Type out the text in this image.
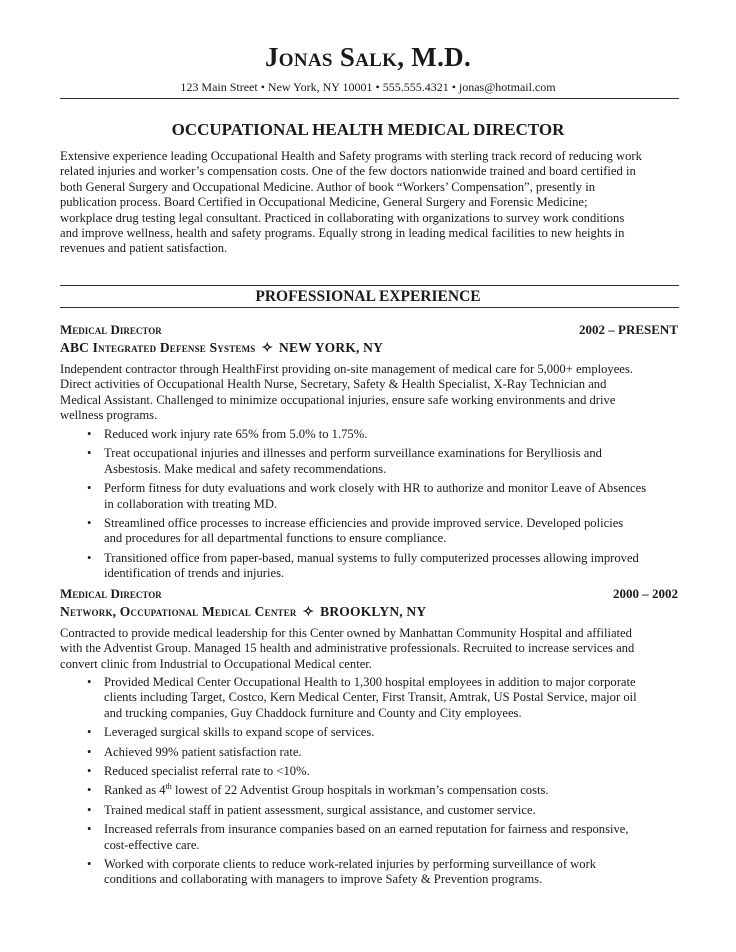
Jonas Salk, M.D.
123 Main Street • New York, NY 10001 • 555.555.4321 • jonas@hotmail.com
OCCUPATIONAL HEALTH MEDICAL DIRECTOR
Extensive experience leading Occupational Health and Safety programs with sterling track record of reducing work
related injuries and worker’s compensation costs. One of the few doctors nationwide trained and board certified in
both General Surgery and Occupational Medicine. Author of book “Workers’ Compensation”, presently in
publication process. Board Certified in Occupational Medicine, General Surgery and Forensic Medicine;
workplace drug testing legal consultant. Practiced in collaborating with organizations to survey work conditions
and improve wellness, health and safety programs. Equally strong in leading medical facilities to new heights in
revenues and patient satisfaction.
PROFESSIONAL EXPERIENCE
Medical Director	2002 – PRESENT
ABC Integrated Defense Systems ✧ NEW YORK, NY
Independent contractor through HealthFirst providing on-site management of medical care for 5,000+ employees.
Direct activities of Occupational Health Nurse, Secretary, Safety & Health Specialist, X-Ray Technician and
Medical Assistant. Challenged to minimize occupational injuries, ensure safe working environments and drive
wellness programs.
• Reduced work injury rate 65% from 5.0% to 1.75%.
• Treat occupational injuries and illnesses and perform surveillance examinations for Berylliosis and
Asbestosis. Make medical and safety recommendations.
• Perform fitness for duty evaluations and work closely with HR to authorize and monitor Leave of Absences
in collaboration with treating MD.
• Streamlined office processes to increase efficiencies and provide improved service. Developed policies
and procedures for all departmental functions to ensure compliance.
• Transitioned office from paper-based, manual systems to fully computerized processes allowing improved
identification of trends and injuries.
Medical Director	2000 – 2002
Network, Occupational Medical Center ✧ BROOKLYN, NY
Contracted to provide medical leadership for this Center owned by Manhattan Community Hospital and affiliated
with the Adventist Group. Managed 15 health and administrative professionals. Recruited to increase services and
convert clinic from Industrial to Occupational Medical center.
• Provided Medical Center Occupational Health to 1,300 hospital employees in addition to major corporate
clients including Target, Costco, Kern Medical Center, First Transit, Amtrak, US Postal Service, major oil
and trucking companies, Guy Chaddock furniture and County and City employees.
• Leveraged surgical skills to expand scope of services.
• Achieved 99% patient satisfaction rate.
• Reduced specialist referral rate to <10%.
• Ranked as 4th lowest of 22 Adventist Group hospitals in workman’s compensation costs.
• Trained medical staff in patient assessment, surgical assistance, and customer service.
• Increased referrals from insurance companies based on an earned reputation for fairness and responsive,
cost-effective care.
• Worked with corporate clients to reduce work-related injuries by performing surveillance of work
conditions and collaborating with managers to improve Safety & Prevention programs.
